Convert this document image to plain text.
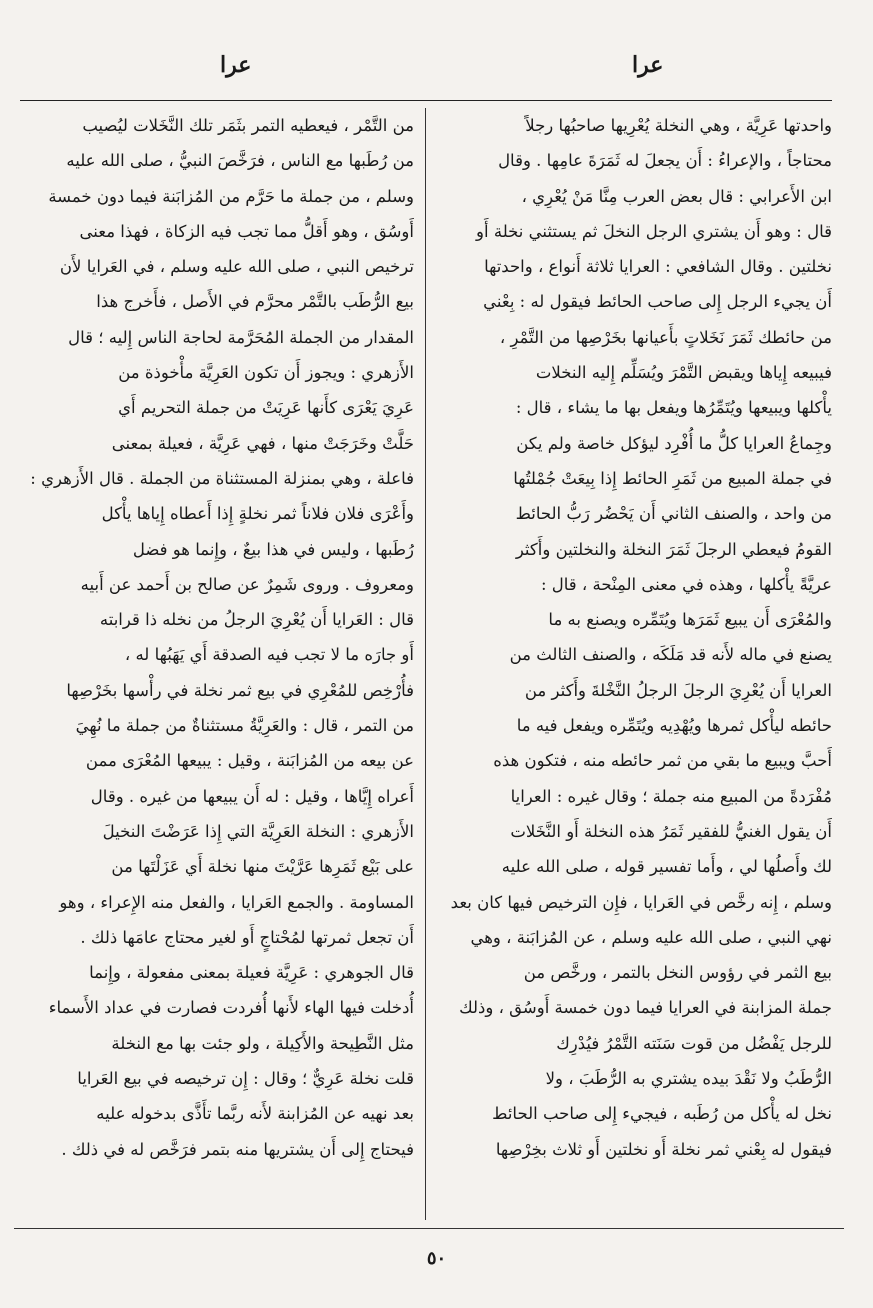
عرا	عرا
واحدتها عَرِيَّة ، وهي النخلة يُعْرِيها صاحبُها رجلاً
محتاجاً ، والإعراءُ : أَن يجعلَ له ثَمَرَةَ عامِها . وقال
ابن الأَعرابي : قال بعض العرب مِنَّا مَنْ يُعْرِي ،
قال : وهو أَن يشتري الرجل النخلَ ثم يستثني نخلة أَو
نخلتين . وقال الشافعي : العرايا ثلاثة أَنواع ، واحدتها
أَن يجيء الرجل إِلى صاحب الحائط فيقول له : بِعْني
من حائطك ثَمَرَ نَخَلاتٍ بأَعيانها بخَرْصِها من التَّمْرِ ،
فيبيعه إِياها ويقبض التَّمْرَ ويُسَلِّم إِليه النخلات
يأْكلها ويبيعها ويُتَمِّرُها ويفعل بها ما يشاء ، قال :
وجِماعُ العرايا كلُّ ما أُفْرِد ليؤكل خاصة ولم يكن
في جملة المبيع من ثَمَرِ الحائط إِذا بِيعَتْ جُمْلتُها
من واحد ، والصنف الثاني أَن يَحْضُر رَبُّ الحائط
القومُ فيعطي الرجلَ ثَمَرَ النخلة والنخلتين وأَكثر
عريَّةً يأْكلها ، وهذه في معنى المِنْحة ، قال :
والمُعْرَى أَن يبيع ثَمَرَها ويُتَمِّره ويصنع به ما
يصنع في ماله لأَنه قد مَلَكَه ، والصنف الثالث من
العرايا أَن يُعْرِيَ الرجلَ الرجلُ النَّخْلةَ وأَكثر من
حائطه ليأْكل ثمرها ويُهْدِيه ويُتَمِّره ويفعل فيه ما
أَحبَّ ويبيع ما بقي من ثمر حائطه منه ، فتكون هذه
مُفْرَدةً من المبيع منه جملة ؛ وقال غيره : العرايا
أَن يقول الغنيُّ للفقير ثَمَرُ هذه النخلة أَو النَّخَلات
لك وأَصلُها لي ، وأَما تفسير قوله ، صلى الله عليه
وسلم ، إِنه رخَّص في العَرايا ، فإِن الترخيص فيها كان بعد
نهي النبي ، صلى الله عليه وسلم ، عن المُزابَنة ، وهي
بيع الثمر في رؤوس النخل بالتمر ، ورخَّص من
جملة المزابنة في العرايا فيما دون خمسة أَوسُق ، وذلك
للرجل يَفْضُل من قوت سَنَته التَّمْرُ فيُدْرِك
الرُّطَبُ ولا نَقْدَ بيده يشتري به الرُّطَبَ ، ولا
نخل له يأْكل من رُطَبه ، فيجيء إِلى صاحب الحائط
فيقول له بِعْني ثمر نخلة أَو نخلتين أَو ثلاث بخِرْصِها
من التَّمْر ، فيعطيه التمر بثَمَر تلك النَّخَلات ليُصيب
من رُطَبها مع الناس ، فرَخَّصَ النبيُّ ، صلى الله عليه
وسلم ، من جملة ما حَرَّم من المُزابَنة فيما دون خمسة
أَوسُق ، وهو أَقلُّ مما تجب فيه الزكاة ، فهذا معنى
ترخيص النبي ، صلى الله عليه وسلم ، في العَرايا لأَن
بيع الرُّطَب بالتَّمْر محرَّم في الأَصل ، فأَخرج هذا
المقدار من الجملة المُحَرَّمة لحاجة الناس إِليه ؛ قال
الأَزهري : ويجوز أَن تكون العَرِيَّة مأْخوذة من
عَرِيَ يَعْرَى كأَنها عَرِيَتْ من جملة التحريم أَي
حَلَّتْ وخَرَجَتْ منها ، فهي عَرِيَّة ، فعيلة بمعنى
فاعلة ، وهي بمنزلة المستثناة من الجملة . قال الأَزهري :
وأَعْرَى فلان فلاناً ثمر نخلةٍ إِذا أَعطاه إِياها يأْكل
رُطَبها ، وليس في هذا بيعٌ ، وإِنما هو فضل
ومعروف . وروى شَمِرٌ عن صالح بن أَحمد عن أَبيه
قال : العَرايا أَن يُعْرِيَ الرجلُ من نخله ذا قرابته
أَو جارَه ما لا تجب فيه الصدقة أَي يَهَبُها له ،
فأُرْخِص للمُعْرِي في بيع ثمر نخلة في رأْسها بخَرْصِها
من التمر ، قال : والعَرِيَّةُ مستثناةٌ من جملة ما نُهِيَ
عن بيعه من المُزابَنة ، وقيل : يبيعها المُعْرَى ممن
أَعراه إِيَّاها ، وقيل : له أَن يبيعها من غيره . وقال
الأَزهري : النخلة العَرِيَّة التي إِذا عَرَضْتَ النخيلَ
على بَيْع ثَمَرِها عَرَّيْتَ منها نخلة أَي عَزَلْتَها من
المساومة . والجمع العَرايا ، والفعل منه الإِعراء ، وهو
أَن تجعل ثمرتها لمُحْتاجٍ أَو لغير محتاج عامَها ذلك .
قال الجوهري : عَرِيَّة فعيلة بمعنى مفعولة ، وإِنما
أُدخلت فيها الهاء لأَنها أُفردت فصارت في عداد الأَسماء
مثل النَّطِيحة والأَكِيلة ، ولو جئت بها مع النخلة
قلت نخلة عَرِيٌّ ؛ وقال : إِن ترخيصه في بيع العَرايا
بعد نهيه عن المُزابنة لأَنه ربَّما تأَذَّى بدخوله عليه
فيحتاج إِلى أَن يشتريها منه بتمر فرَخَّص له في ذلك .
٥٠
